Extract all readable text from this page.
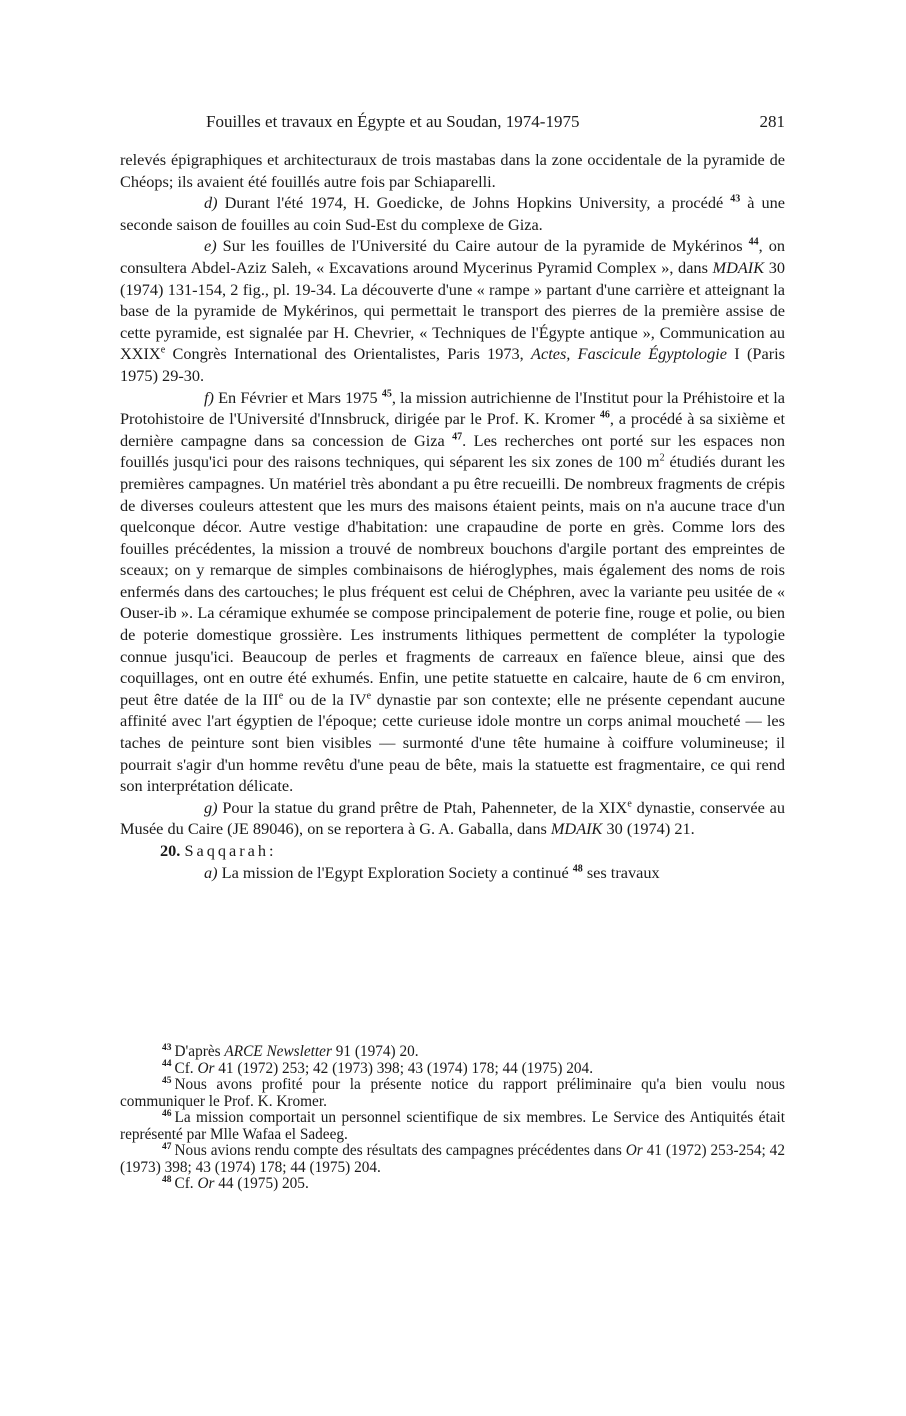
Fouilles et travaux en Égypte et au Soudan, 1974-1975	281

relevés épigraphiques et architecturaux de trois mastabas dans la zone occidentale de la pyramide de Chéops; ils avaient été fouillés autre fois par Schiaparelli.

d) Durant l'été 1974, H. Goedicke, de Johns Hopkins University, a procédé $^{43}$ à une seconde saison de fouilles au coin Sud-Est du complexe de Giza.

e) Sur les fouilles de l'Université du Caire autour de la pyramide de Mykérinos $^{44}$, on consultera Abdel-Aziz Saleh, « Excavations around Mycerinus Pyramid Complex », dans MDAIK 30 (1974) 131-154, 2 fig., pl. 19-34. La découverte d'une « rampe » partant d'une carrière et atteignant la base de la pyramide de Mykérinos, qui permettait le transport des pierres de la première assise de cette pyramide, est signalée par H. Chevrier, « Techniques de l'Égypte antique », Communication au XXIXe Congrès International des Orientalistes, Paris 1973, Actes, Fascicule Égyptologie I (Paris 1975) 29-30.

f) En Février et Mars 1975 $^{45}$, la mission autrichienne de l'Institut pour la Préhistoire et la Protohistoire de l'Université d'Innsbruck, dirigée par le Prof. K. Kromer $^{46}$, a procédé à sa sixième et dernière campagne dans sa concession de Giza $^{47}$. Les recherches ont porté sur les espaces non fouillés jusqu'ici pour des raisons techniques, qui séparent les six zones de 100 $m^2$ étudiés durant les premières campagnes. Un matériel très abondant a pu être recueilli. De nombreux fragments de crépis de diverses couleurs attestent que les murs des maisons étaient peints, mais on n'a aucune trace d'un quelconque décor. Autre vestige d'habitation: une crapaudine de porte en grès. Comme lors des fouilles précédentes, la mission a trouvé de nombreux bouchons d'argile portant des empreintes de sceaux; on y remarque de simples combinaisons de hiéroglyphes, mais également des noms de rois enfermés dans des cartouches; le plus fréquent est celui de Chéphren, avec la variante peu usitée de « Ouser-ib ». La céramique exhumée se compose principalement de poterie fine, rouge et polie, ou bien de poterie domestique grossière. Les instruments lithiques permettent de compléter la typologie connue jusqu'ici. Beaucoup de perles et fragments de carreaux en faïence bleue, ainsi que des coquillages, ont en outre été exhumés. Enfin, une petite statuette en calcaire, haute de 6 cm environ, peut être datée de la IIIe ou de la IVe dynastie par son contexte; elle ne présente cependant aucune affinité avec l'art égyptien de l'époque; cette curieuse idole montre un corps animal moucheté — les taches de peinture sont bien visibles — surmonté d'une tête humaine à coiffure volumineuse; il pourrait s'agir d'un homme revêtu d'une peau de bête, mais la statuette est fragmentaire, ce qui rend son interprétation délicate.

g) Pour la statue du grand prêtre de Ptah, Pahenneter, de la XIXe dynastie, conservée au Musée du Caire (JE 89046), on se reportera à G. A. Gaballa, dans MDAIK 30 (1974) 21.

20. Saqqarah:

a) La mission de l'Egypt Exploration Society a continué $^{48}$ ses travaux

$^{43}$ D'après ARCE Newsletter 91 (1974) 20.

$^{44}$ Cf. Or 41 (1972) 253; 42 (1973) 398; 43 (1974) 178; 44 (1975) 204.

$^{45}$ Nous avons profité pour la présente notice du rapport préliminaire qu'a bien voulu nous communiquer le Prof. K. Kromer.

$^{46}$ La mission comportait un personnel scientifique de six membres. Le Service des Antiquités était représenté par Mlle Wafaa el Sadeeg.

$^{47}$ Nous avions rendu compte des résultats des campagnes précédentes dans Or 41 (1972) 253-254; 42 (1973) 398; 43 (1974) 178; 44 (1975) 204.

$^{48}$ Cf. Or 44 (1975) 205.
